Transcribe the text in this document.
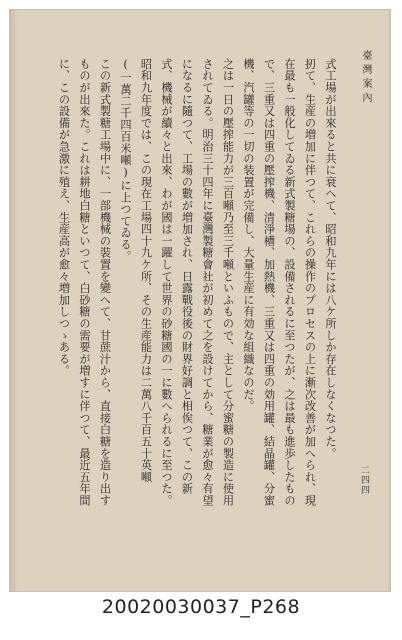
臺灣案內
二四四

式工場が出來ると共に衰へて、昭和九年には八ケ所しか存在しなくなつた。

扨て、生産の増加に伴つて、これらの操作のプロセスの上に漸次改善が加へられ、現在最も一般化してゐる新式製糖場の、設備されるに至つたが、之は最も進歩したもので、三重又は四重の壓搾機、清淨槽、加熱機、三重又は四重の効用罐、結晶罐、分蜜機、汽罐等の一切の装置が完備し、大量生産に有効な組織なのだ。

之は一日の壓搾能力が三百噸乃至三千噸といふもので、主として分蜜糖の製造に使用されてゐる。明治三十四年に臺灣製糖會社が初めて之を設けてから、糖業が愈々有望になるに隨つて、工場の數が増加され、日露戰役後の財界好調と相俟つて、この新式、機械が續々と出來、わが國は一躍して世界の砂糖國の一に數へられるに至つた。昭和九年度では、この現在工場四十九ケ所、その生産能力は二萬八千百五十英噸(一萬二千四百米噸)に上つてゐる。

この新式製糖工場中に、一部機械の裝置を變へて、甘蔗汁から、直接白糖を造り出すものが出來た。これは耕地白糖といつて、白砂糖の需要が増すに伴つて、最近五年間に、この設備が急激に殖え、生産高が愈々増加しつゝある。

20020030037_P268
